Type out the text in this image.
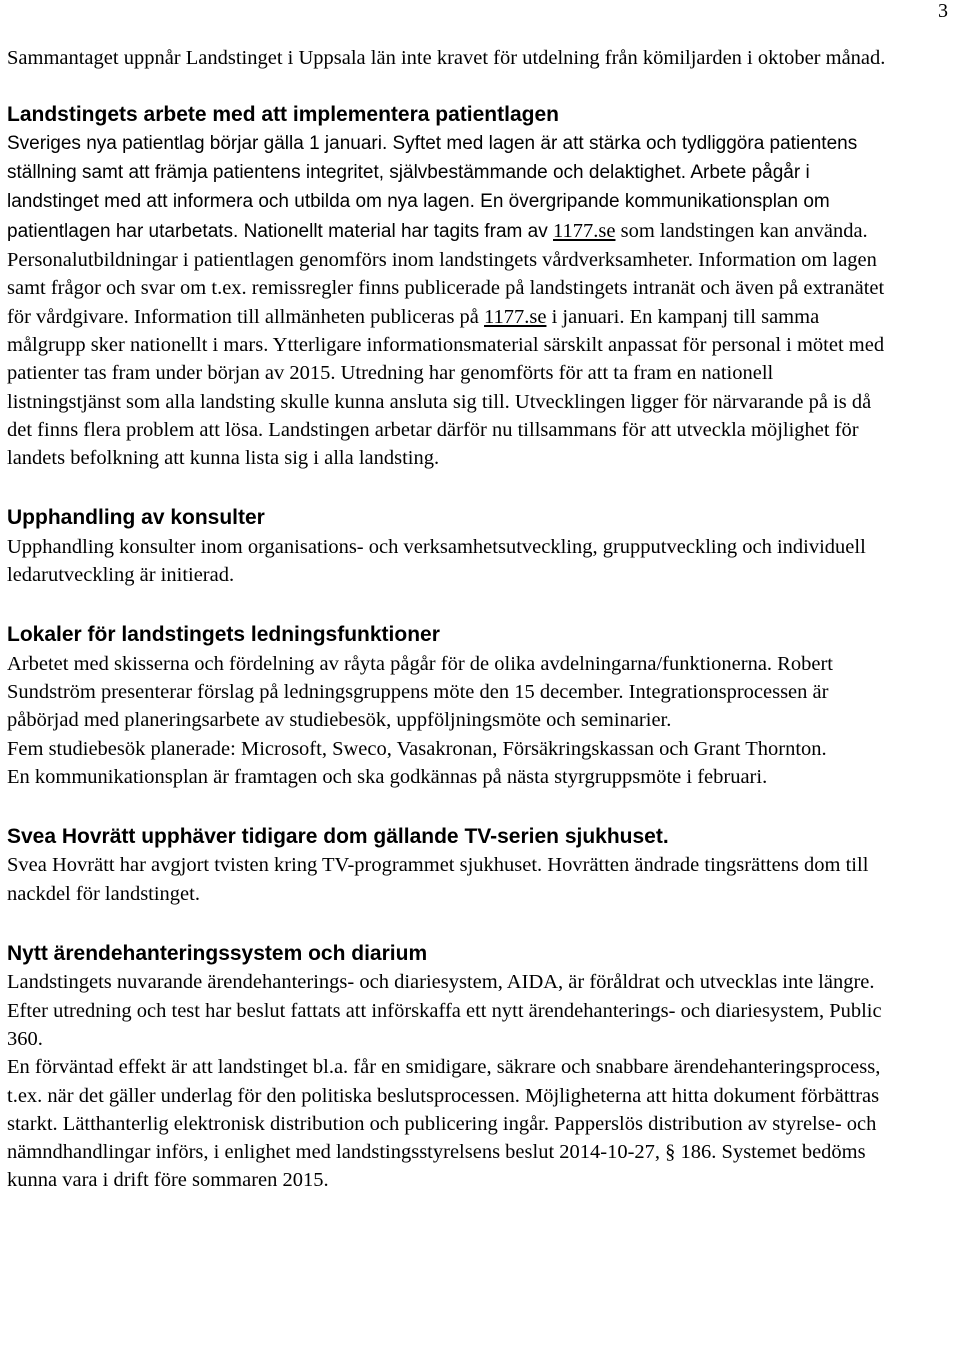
3

Sammantaget uppnår Landstinget i Uppsala län inte kravet för utdelning från kömiljarden i oktober månad.

Landstingets arbete med att implementera patientlagen

Sveriges nya patientlag börjar gälla 1 januari. Syftet med lagen är att stärka och tydliggöra patientens ställning samt att främja patientens integritet, självbestämmande och delaktighet. Arbete pågår i landstinget med att informera och utbilda om nya lagen. En övergripande kommunikationsplan om patientlagen har utarbetats. Nationellt material har tagits fram av 1177.se som landstingen kan använda. Personalutbildningar i patientlagen genomförs inom landstingets vårdverksamheter. Information om lagen samt frågor och svar om t.ex. remissregler finns publicerade på landstingets intranät och även på extranätet för vårdgivare. Information till allmänheten publiceras på 1177.se i januari. En kampanj till samma målgrupp sker nationellt i mars. Ytterligare informationsmaterial särskilt anpassat för personal i mötet med patienter tas fram under början av 2015. Utredning har genomförts för att ta fram en nationell listningstjänst som alla landsting skulle kunna ansluta sig till. Utvecklingen ligger för närvarande på is då det finns flera problem att lösa. Landstingen arbetar därför nu tillsammans för att utveckla möjlighet för landets befolkning att kunna lista sig i alla landsting.

Upphandling av konsulter

Upphandling konsulter inom organisations- och verksamhetsutveckling, grupputveckling och individuell ledarutveckling är initierad.

Lokaler för landstingets ledningsfunktioner

Arbetet med skisserna och fördelning av råyta pågår för de olika avdelningarna/funktionerna. Robert Sundström presenterar förslag på ledningsgruppens möte den 15 december. Integrationsprocessen är påbörjad med planeringsarbete av studiebesök, uppföljningsmöte och seminarier.

Fem studiebesök planerade: Microsoft, Sweco, Vasakronan, Försäkringskassan och Grant Thornton.

En kommunikationsplan är framtagen och ska godkännas på nästa styrgruppsmöte i februari.

Svea Hovrätt upphäver tidigare dom gällande TV-serien sjukhuset.

Svea Hovrätt har avgjort tvisten kring TV-programmet sjukhuset. Hovrätten ändrade tingsrättens dom till nackdel för landstinget.

Nytt ärendehanteringssystem och diarium

Landstingets nuvarande ärendehanterings- och diariesystem, AIDA, är föråldrat och utvecklas inte längre. Efter utredning och test har beslut fattats att införskaffa ett nytt ärendehanterings- och diariesystem, Public 360.

En förväntad effekt är att landstinget bl.a. får en smidigare, säkrare och snabbare ärendehanteringsprocess, t.ex. när det gäller underlag för den politiska beslutsprocessen. Möjligheterna att hitta dokument förbättras starkt. Lätthanterlig elektronisk distribution och publicering ingår. Papperslös distribution av styrelse- och nämndhandlingar införs, i enlighet med landstingsstyrelsens beslut 2014-10-27, § 186. Systemet bedöms kunna vara i drift före sommaren 2015.
